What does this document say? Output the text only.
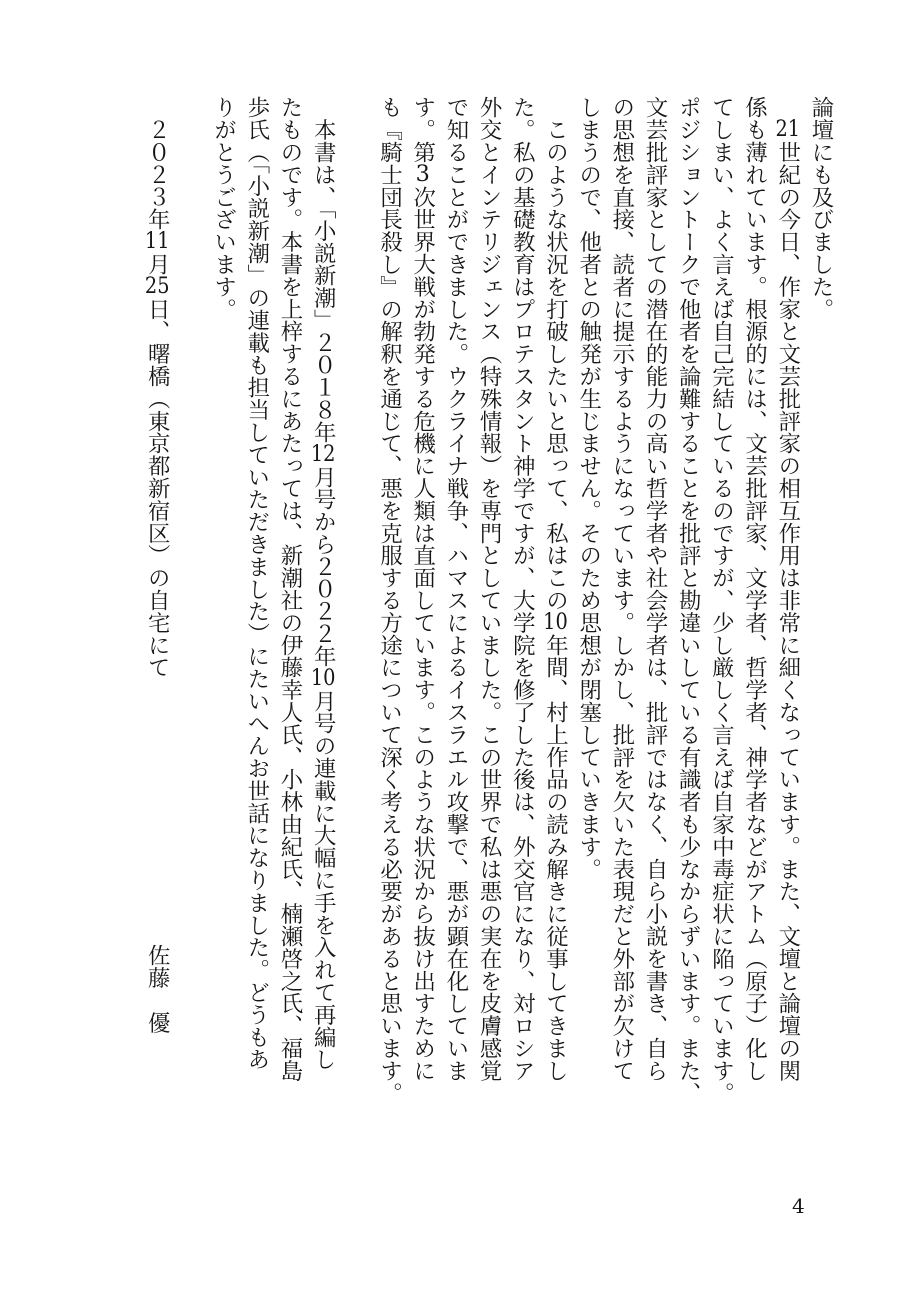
論壇にも及びました。
　21世紀の今日、作家と文芸批評家の相互作用は非常に細くなっています。また、文壇と論壇の関
係も薄れています。根源的には、文芸批評家、文学者、哲学者、神学者などがアトム（原子）化し
てしまい、よく言えば自己完結しているのですが、少し厳しく言えば自家中毒症状に陥っています。
ポジショントークで他者を論難することを批評と勘違いしている有識者も少なからずいます。また、
文芸批評家としての潜在的能力の高い哲学者や社会学者は、批評ではなく、自ら小説を書き、自ら
の思想を直接、読者に提示するようになっています。しかし、批評を欠いた表現だと外部が欠けて
しまうので、他者との触発が生じません。そのため思想が閉塞していきます。
　このような状況を打破したいと思って、私はこの10年間、村上作品の読み解きに従事してきまし
た。私の基礎教育はプロテスタント神学ですが、大学院を修了した後は、外交官になり、対ロシア
外交とインテリジェンス（特殊情報）を専門としていました。この世界で私は悪の実在を皮膚感覚
で知ることができました。ウクライナ戦争、ハマスによるイスラエル攻撃で、悪が顕在化していま
す。第3次世界大戦が勃発する危機に人類は直面しています。このような状況から抜け出すために
も『騎士団長殺し』の解釈を通じて、悪を克服する方途について深く考える必要があると思います。
　本書は、「小説新潮」２０１８年12月号から２０２２年10月号の連載に大幅に手を入れて再編し
たものです。本書を上梓するにあたっては、新潮社の伊藤幸人氏、小林由紀氏、楠瀬啓之氏、福島
歩氏（「小説新潮」の連載も担当していただきました）にたいへんお世話になりました。どうもあ
りがとうございます。
　２０２３年11月25日、曙橋（東京都新宿区）の自宅にて
佐藤　優
4
